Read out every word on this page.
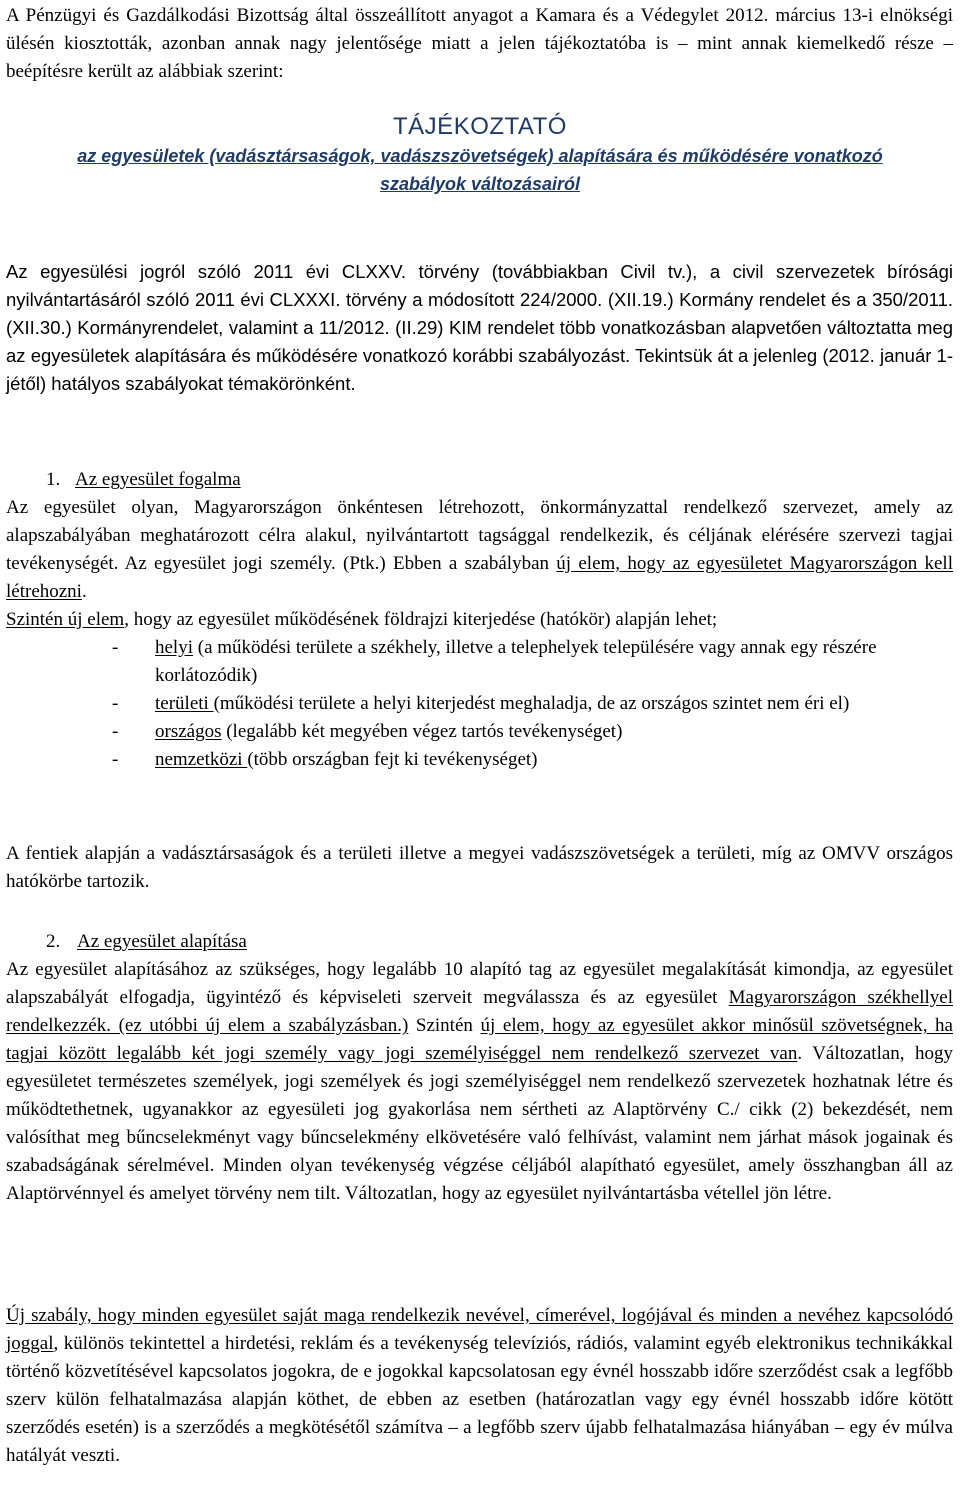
A Pénzügyi és Gazdálkodási Bizottság által összeállított anyagot a Kamara és a Védegylet 2012. március 13-i elnökségi ülésén kiosztották, azonban annak nagy jelentősége miatt a jelen tájékoztatóba is – mint annak kiemelkedő része – beépítésre került az alábbiak szerint:

TÁJÉKOZTATÓ
az egyesületek (vadásztársaságok, vadászszövetségek) alapítására és működésére vonatkozó szabályok változásairól

Az egyesülési jogról szóló 2011 évi CLXXV. törvény (továbbiakban Civil tv.), a civil szervezetek bírósági nyilvántartásáról szóló 2011 évi CLXXXI. törvény a módosított 224/2000. (XII.19.) Kormány rendelet és a 350/2011. (XII.30.) Kormányrendelet, valamint a 11/2012. (II.29) KIM rendelet több vonatkozásban alapvetően változtatta meg az egyesületek alapítására és működésére vonatkozó korábbi szabályozást. Tekintsük át a jelenleg (2012. január 1-jétől) hatályos szabályokat témakörönként.

1. Az egyesület fogalma

Az egyesület olyan, Magyarországon önkéntesen létrehozott, önkormányzattal rendelkező szervezet, amely az alapszabályában meghatározott célra alakul, nyilvántartott tagsággal rendelkezik, és céljának elérésére szervezi tagjai tevékenységét. Az egyesület jogi személy. (Ptk.) Ebben a szabályban új elem, hogy az egyesületet Magyarországon kell létrehozni.
Szintén új elem, hogy az egyesület működésének földrajzi kiterjedése (hatókör) alapján lehet;

- helyi (a működési területe a székhely, illetve a telephelyek településére vagy annak egy részére korlátozódik)
- területi (működési területe a helyi kiterjedést meghaladja, de az országos szintet nem éri el)
- országos (legalább két megyében végez tartós tevékenységet)
- nemzetközi (több országban fejt ki tevékenységet)

A fentiek alapján a vadásztársaságok és a területi illetve a megyei vadászszövetségek a területi, míg az OMVV országos hatókörbe tartozik.

2. Az egyesület alapítása

Az egyesület alapításához az szükséges, hogy legalább 10 alapító tag az egyesület megalakítását kimondja, az egyesület alapszabályát elfogadja, ügyintéző és képviseleti szerveit megválassza és az egyesület Magyarországon székhellyel rendelkezzék. (ez utóbbi új elem a szabályzásban.) Szintén új elem, hogy az egyesület akkor minősül szövetségnek, ha tagjai között legalább két jogi személy vagy jogi személyiséggel nem rendelkező szervezet van. Változatlan, hogy egyesületet természetes személyek, jogi személyek és jogi személyiséggel nem rendelkező szervezetek hozhatnak létre és működtethetnek, ugyanakkor az egyesületi jog gyakorlása nem sértheti az Alaptörvény C./ cikk (2) bekezdését, nem valósíthat meg bűncselekményt vagy bűncselekmény elkövetésére való felhívást, valamint nem járhat mások jogainak és szabadságának sérelmével. Minden olyan tevékenység végzése céljából alapítható egyesület, amely összhangban áll az Alaptörvénnyel és amelyet törvény nem tilt. Változatlan, hogy az egyesület nyilvántartásba vétellel jön létre.

Új szabály, hogy minden egyesület saját maga rendelkezik nevével, címerével, logójával és minden a nevéhez kapcsolódó joggal, különös tekintettel a hirdetési, reklám és a tevékenység televíziós, rádiós, valamint egyéb elektronikus technikákkal történő közvetítésével kapcsolatos jogokra, de e jogokkal kapcsolatosan egy évnél hosszabb időre szerződést csak a legfőbb szerv külön felhatalmazása alapján köthet, de ebben az esetben (határozatlan vagy egy évnél hosszabb időre kötött szerződés esetén) is a szerződés a megkötésétől számítva – a legfőbb szerv újabb felhatalmazása hiányában – egy év múlva hatályát veszti.
